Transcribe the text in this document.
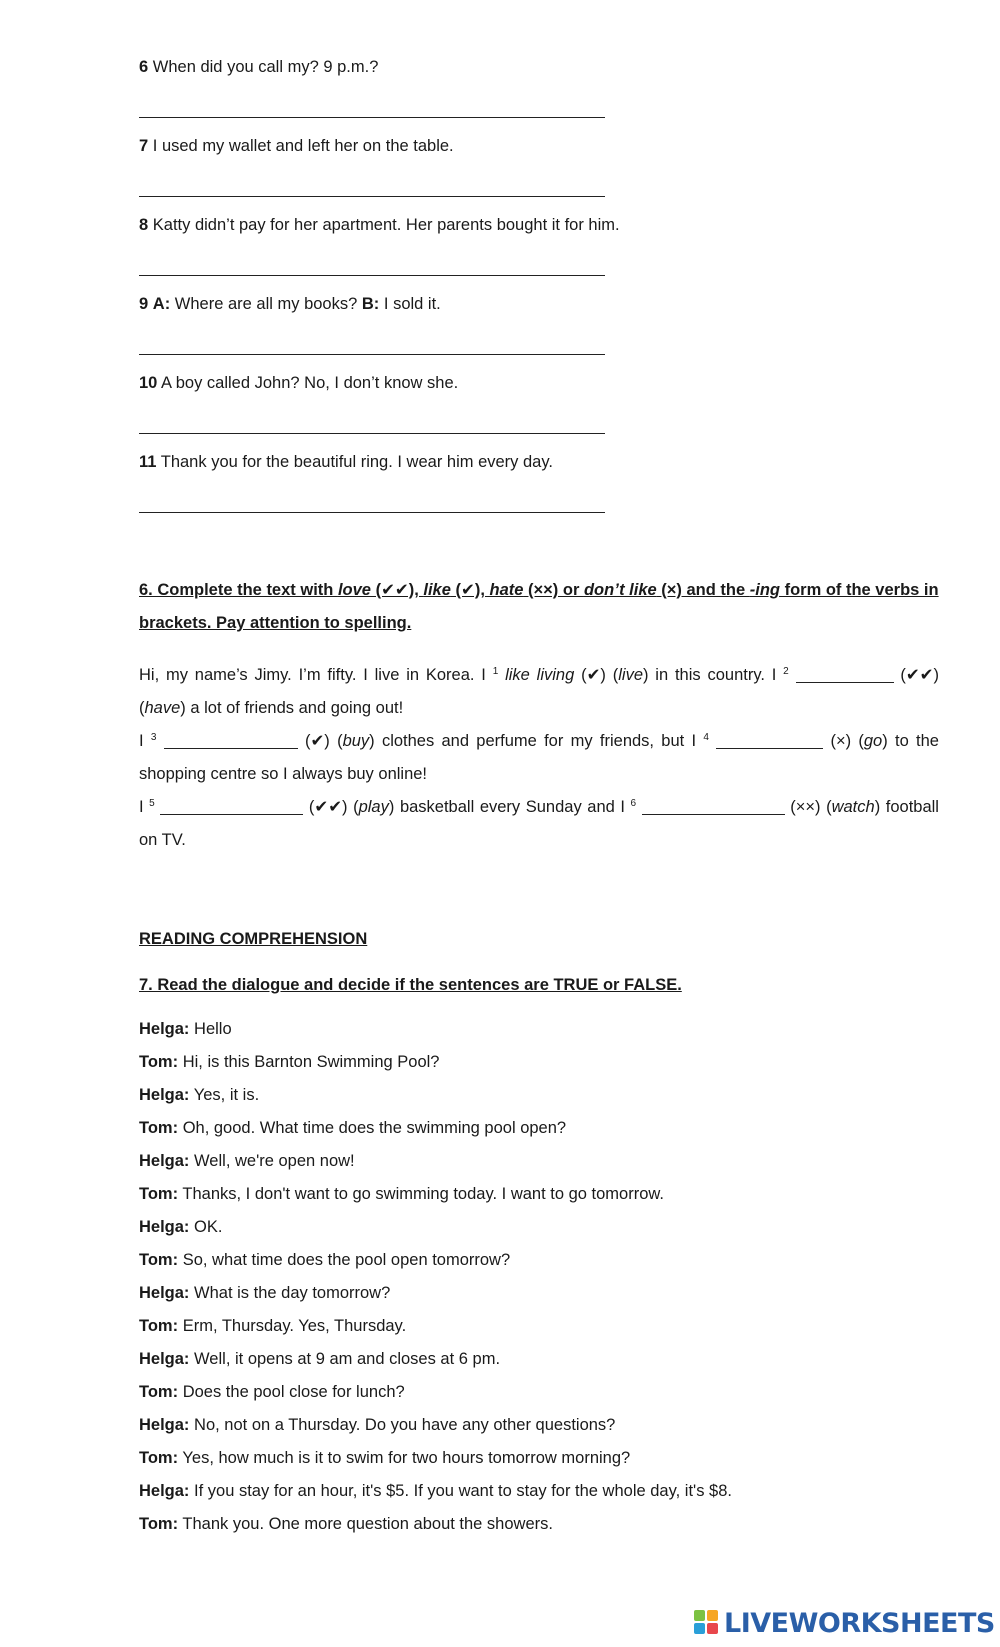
6 When did you call my? 9 p.m.?
7 I used my wallet and left her on the table.
8 Katty didn’t pay for her apartment. Her parents bought it for him.
9 A: Where are all my books? B: I sold it.
10 A boy called John? No, I don’t know she.
11 Thank you for the beautiful ring. I wear him every day.
6. Complete the text with love (✔✔), like (✔), hate (××) or don’t like (×) and the -ing form of the verbs in brackets. Pay attention to spelling.
Hi, my name’s Jimy. I’m fifty. I live in Korea. I $^1$ like living (✔) (live) in this country. I $^2$	(✔✔) (have) a lot of friends and going out!
I $^3$	(✔) (buy) clothes and perfume for my friends, but I $^4$	(×) (go) to the shopping centre so I always buy online!
I $^5$	(✔✔) (play) basketball every Sunday and I $^6$	(××) (watch) football on TV.
READING COMPREHENSION
7. Read the dialogue and decide if the sentences are TRUE or FALSE.
Helga: Hello
Tom: Hi, is this Barnton Swimming Pool?
Helga: Yes, it is.
Tom: Oh, good. What time does the swimming pool open?
Helga: Well, we're open now!
Tom: Thanks, I don't want to go swimming today. I want to go tomorrow.
Helga: OK.
Tom: So, what time does the pool open tomorrow?
Helga: What is the day tomorrow?
Tom: Erm, Thursday. Yes, Thursday.
Helga: Well, it opens at 9 am and closes at 6 pm.
Tom: Does the pool close for lunch?
Helga: No, not on a Thursday. Do you have any other questions?
Tom: Yes, how much is it to swim for two hours tomorrow morning?
Helga: If you stay for an hour, it's $5. If you want to stay for the whole day, it's $8.
Tom: Thank you. One more question about the showers.
LIVEWORKSHEETS
